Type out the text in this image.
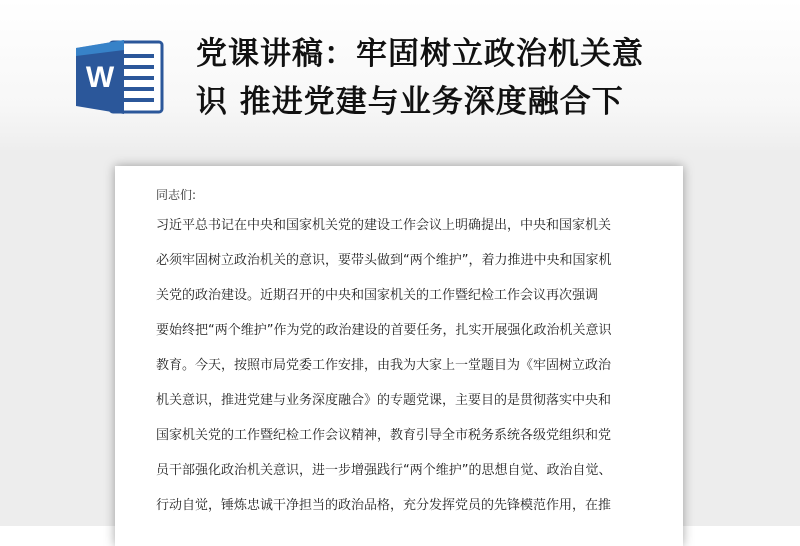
W
党课讲稿：牢固树立政治机关意
识 推进党建与业务深度融合下
同志们:
习近平总书记在中央和国家机关党的建设工作会议上明确提出，中央和国家机关
必须牢固树立政治机关的意识，要带头做到“两个维护”，着力推进中央和国家机
关党的政治建设。近期召开的中央和国家机关的工作暨纪检工作会议再次强调
要始终把“两个维护”作为党的政治建设的首要任务，扎实开展强化政治机关意识
教育。今天，按照市局党委工作安排，由我为大家上一堂题目为《牢固树立政治
机关意识，推进党建与业务深度融合》的专题党课，主要目的是贯彻落实中央和
国家机关党的工作暨纪检工作会议精神，教育引导全市税务系统各级党组织和党
员干部强化政治机关意识，进一步增强践行“两个维护”的思想自觉、政治自觉、
行动自觉，锤炼忠诚干净担当的政治品格，充分发挥党员的先锋模范作用，在推
